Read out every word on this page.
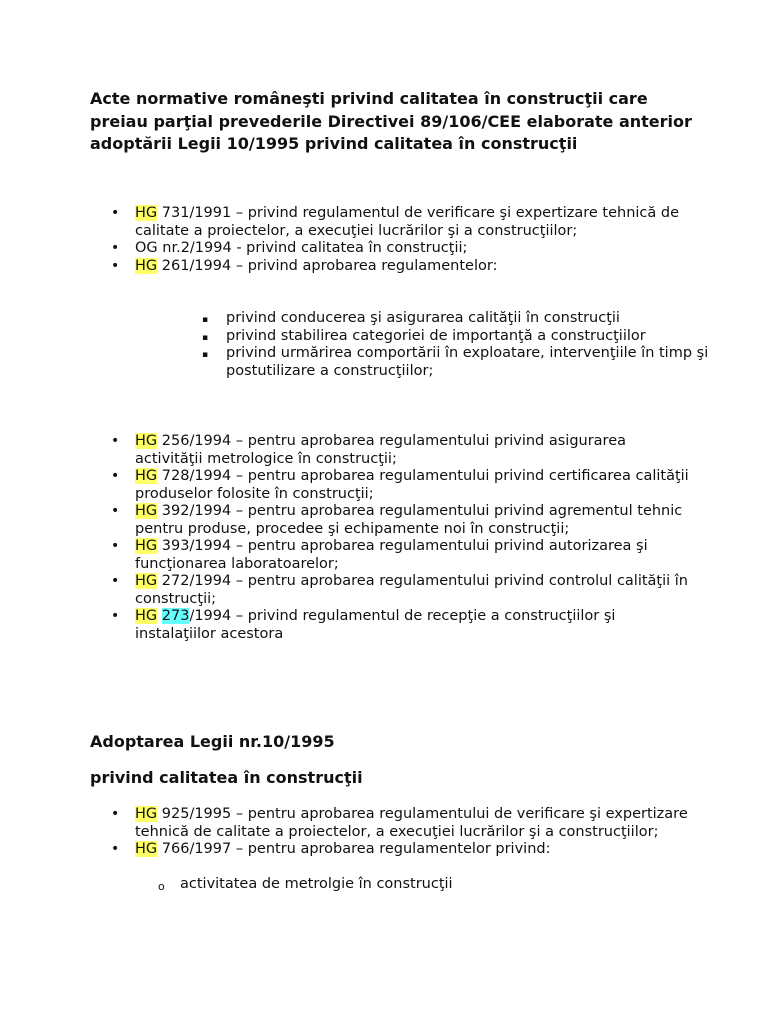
Acte normative româneşti privind calitatea în construcţii care preiau parţial prevederile Directivei 89/106/CEE elaborate anterior adoptării Legii 10/1995 privind calitatea în construcţii
• HG 731/1991 – privind regulamentul de verificare şi expertizare tehnică de calitate a proiectelor, a execuţiei lucrărilor şi a construcţiilor;
• OG nr.2/1994 - privind calitatea în construcţii;
• HG 261/1994 – privind aprobarea regulamentelor:
▪ privind conducerea şi asigurarea calităţii în construcţii
▪ privind stabilirea categoriei de importanţă a construcţiilor
▪ privind urmărirea comportării în exploatare, intervenţiile în timp şi postutilizare a construcţiilor;
• HG 256/1994 – pentru aprobarea regulamentului privind asigurarea activităţii metrologice în construcţii;
• HG 728/1994 – pentru aprobarea regulamentului privind certificarea calităţii produselor folosite în construcţii;
• HG 392/1994 – pentru aprobarea regulamentului privind agrementul tehnic pentru produse, procedee şi echipamente noi în construcţii;
• HG 393/1994 – pentru aprobarea regulamentului privind autorizarea şi funcţionarea laboratoarelor;
• HG 272/1994 – pentru aprobarea regulamentului privind controlul calităţii în construcţii;
• HG 273/1994 – privind regulamentul de recepţie a construcţiilor şi instalaţiilor acestora
Adoptarea Legii nr.10/1995
privind calitatea în construcţii
• HG 925/1995 – pentru aprobarea regulamentului de verificare şi expertizare tehnică de calitate a proiectelor, a execuţiei lucrărilor şi a construcţiilor;
• HG 766/1997 – pentru aprobarea regulamentelor privind:
o activitatea de metrolgie în construcţii
